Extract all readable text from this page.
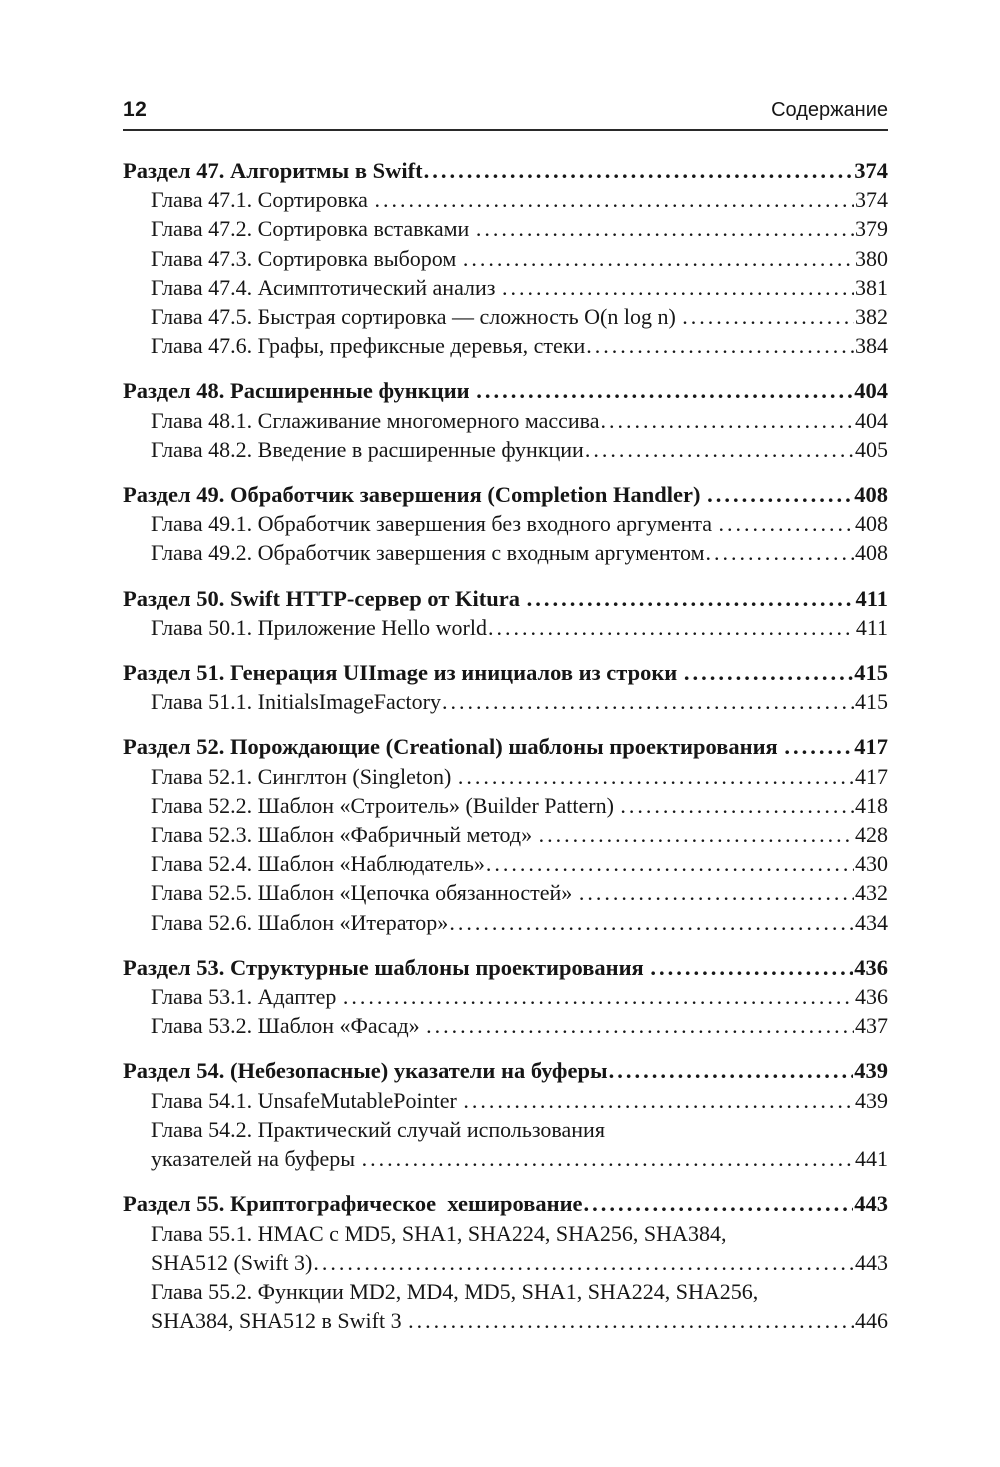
12	Содержание
Раздел 47. Алгоритмы в Swift .....	374
Глава 47.1. Сортировка .....	374
Глава 47.2. Сортировка вставками .....	379
Глава 47.3. Сортировка выбором .....	380
Глава 47.4. Асимптотический анализ .....	381
Глава 47.5. Быстрая сортировка — сложность O(n log n) .....	382
Глава 47.6. Графы, префиксные деревья, стеки .....	384
Раздел 48. Расширенные функции .....	404
Глава 48.1. Сглаживание многомерного массива .....	404
Глава 48.2. Введение в расширенные функции .....	405
Раздел 49. Обработчик завершения (Completion Handler) .....	408
Глава 49.1. Обработчик завершения без входного аргумента .....	408
Глава 49.2. Обработчик завершения с входным аргументом .....	408
Раздел 50. Swift HTTP-сервер от Kitura .....	411
Глава 50.1. Приложение Hello world .....	411
Раздел 51. Генерация UIImage из инициалов из строки .....	415
Глава 51.1. InitialsImageFactory .....	415
Раздел 52. Порождающие (Creational) шаблоны проектирования .....	417
Глава 52.1. Синглтон (Singleton) .....	417
Глава 52.2. Шаблон «Строитель» (Builder Pattern) .....	418
Глава 52.3. Шаблон «Фабричный метод» .....	428
Глава 52.4. Шаблон «Наблюдатель» .....	430
Глава 52.5. Шаблон «Цепочка обязанностей» .....	432
Глава 52.6. Шаблон «Итератор» .....	434
Раздел 53. Структурные шаблоны проектирования .....	436
Глава 53.1. Адаптер .....	436
Глава 53.2. Шаблон «Фасад» .....	437
Раздел 54. (Небезопасные) указатели на буферы .....	439
Глава 54.1. UnsafeMutablePointer .....	439
Глава 54.2. Практический случай использования
указателей на буферы .....	441
Раздел 55. Криптографическое  хеширование .....	443
Глава 55.1. HMAC с MD5, SHA1, SHA224, SHA256, SHA384,
SHA512 (Swift 3) .....	443
Глава 55.2. Функции MD2, MD4, MD5, SHA1, SHA224, SHA256,
SHA384, SHA512 в Swift 3 .....	446
